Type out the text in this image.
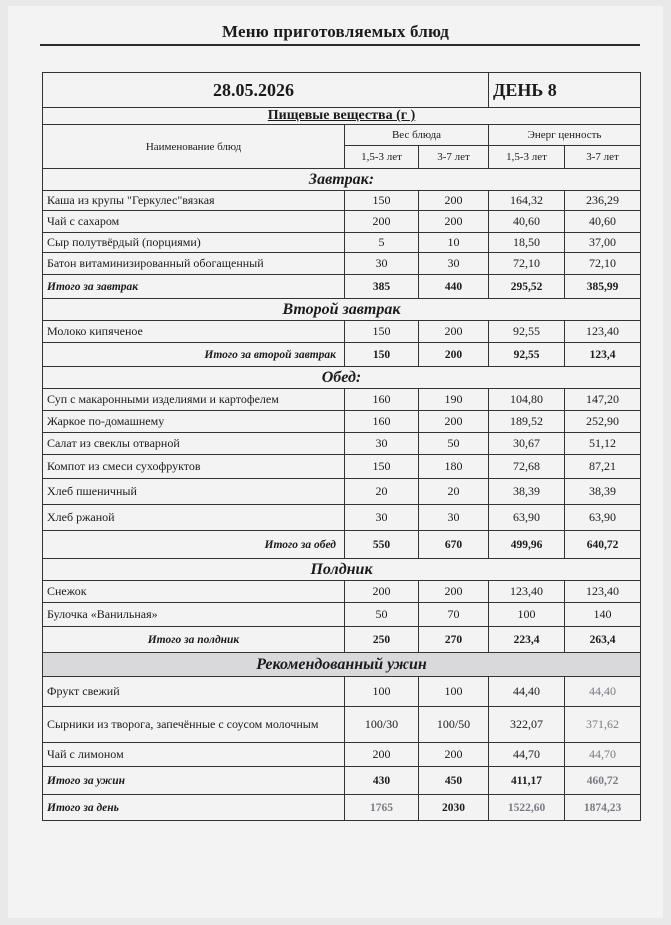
Меню приготовляемых блюд
28.05.2026			ДЕНЬ 8	
Пищевые вещества (г )				
Наименование блюд	Вес блюда		Энерг ценность	
	1,5-3 лет	3-7 лет	1,5-3 лет	3-7 лет
Завтрак:				
Каша из крупы "Геркулес"вязкая	150	200	164,32	236,29
Чай с сахаром	200	200	40,60	40,60
Сыр полутвёрдый (порциями)	5	10	18,50	37,00
Батон витаминизированный обогащенный	30	30	72,10	72,10
Итого за завтрак	385	440	295,52	385,99
Второй завтрак				
Молоко кипяченое	150	200	92,55	123,40
Итого за второй завтрак	150	200	92,55	123,4
Обед:				
Суп с макаронными изделиями и картофелем	160	190	104,80	147,20
Жаркое по-домашнему	160	200	189,52	252,90
Салат из свеклы отварной	30	50	30,67	51,12
Компот из смеси сухофруктов	150	180	72,68	87,21
Хлеб пшеничный	20	20	38,39	38,39
Хлеб ржаной	30	30	63,90	63,90
Итого за обед	550	670	499,96	640,72
Полдник				
Снежок	200	200	123,40	123,40
Булочка «Ванильная»	50	70	100	140
Итого за полдник	250	270	223,4	263,4
Рекомендованный ужин				
Фрукт свежий	100	100	44,40	44,40
Сырники из творога, запечённые с соусом молочным	100/30	100/50	322,07	371,62
Чай с лимоном	200	200	44,70	44,70
Итого за ужин	430	450	411,17	460,72
Итого за день	1765	2030	1522,60	1874,23
